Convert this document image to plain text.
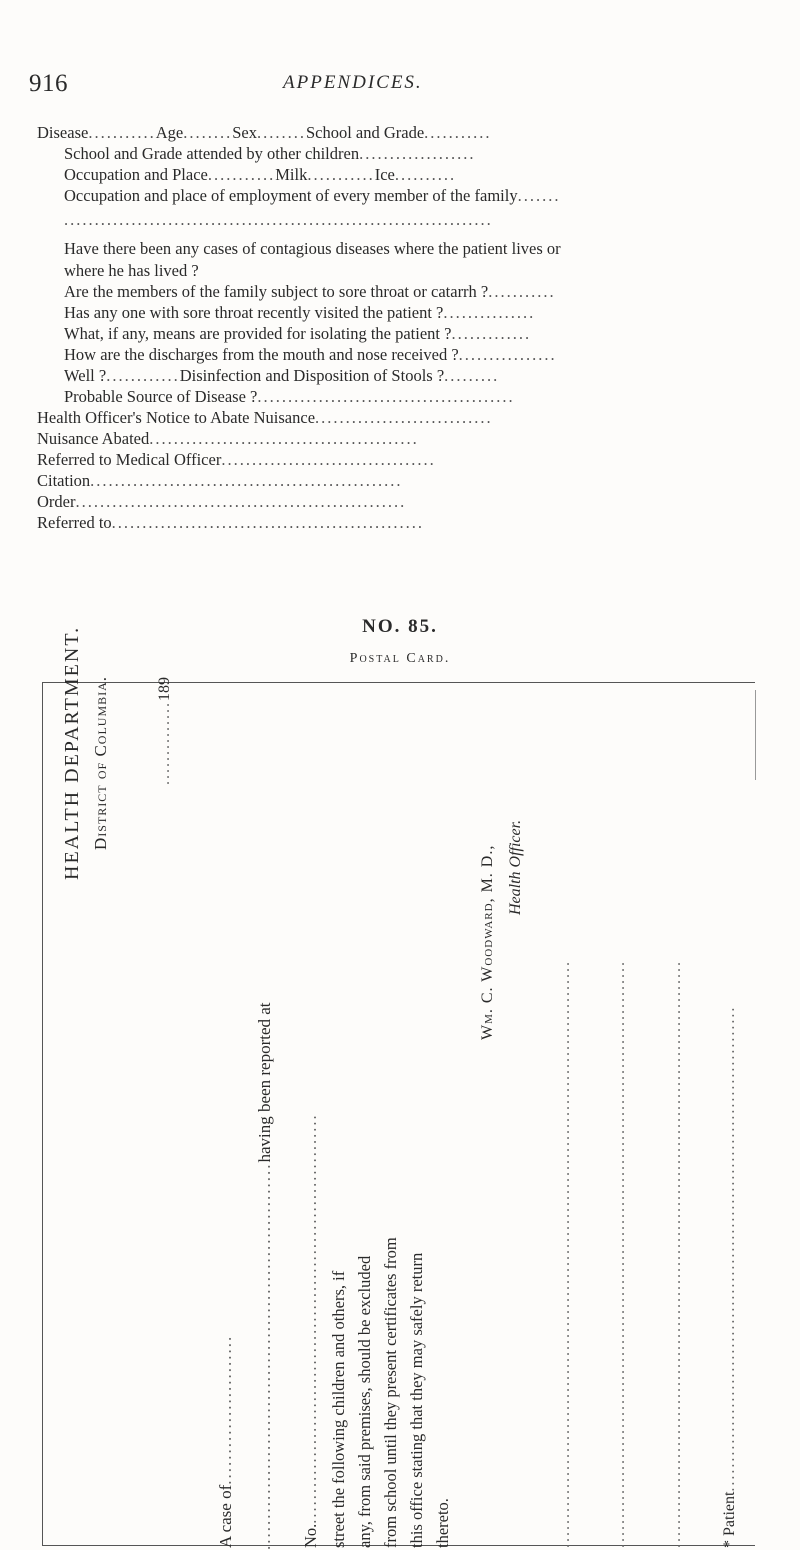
916	APPENDICES.
Disease...........Age........Sex........School and Grade...........
School and Grade attended by other children...................
Occupation and Place...........Milk...........Ice..........
Occupation and place of employment of every member of the family.......
......................................................................
Have there been any cases of contagious diseases where the patient lives or
where he has lived ?
Are the members of the family subject to sore throat or catarrh ?...........
Has any one with sore throat recently visited the patient ?...............
What, if any, means are provided for isolating the patient ?.............
How are the discharges from the mouth and nose received ?................
Well ?............Disinfection and Disposition of Stools ?.........
Probable Source of Disease ?..........................................
Health Officer's Notice to Abate Nuisance.............................
Nuisance Abated............................................
Referred to Medical Officer...................................
Citation...................................................
Order......................................................
Referred to...................................................
NO. 85.
Postal Card.
HEALTH DEPARTMENT. District of Columbia.	..............189
A case of........................ ..............................................................having been reported at
No.................................................................... street the following children and others, if any, from said premises, should be excluded from school until they present certificates from this office stating that they may safely return thereto.
Wm. C. Woodward, M. D., Health Officer.
.................................................................................................. .................................................................................................. .................................................................................................. * Patient.................................................................................
